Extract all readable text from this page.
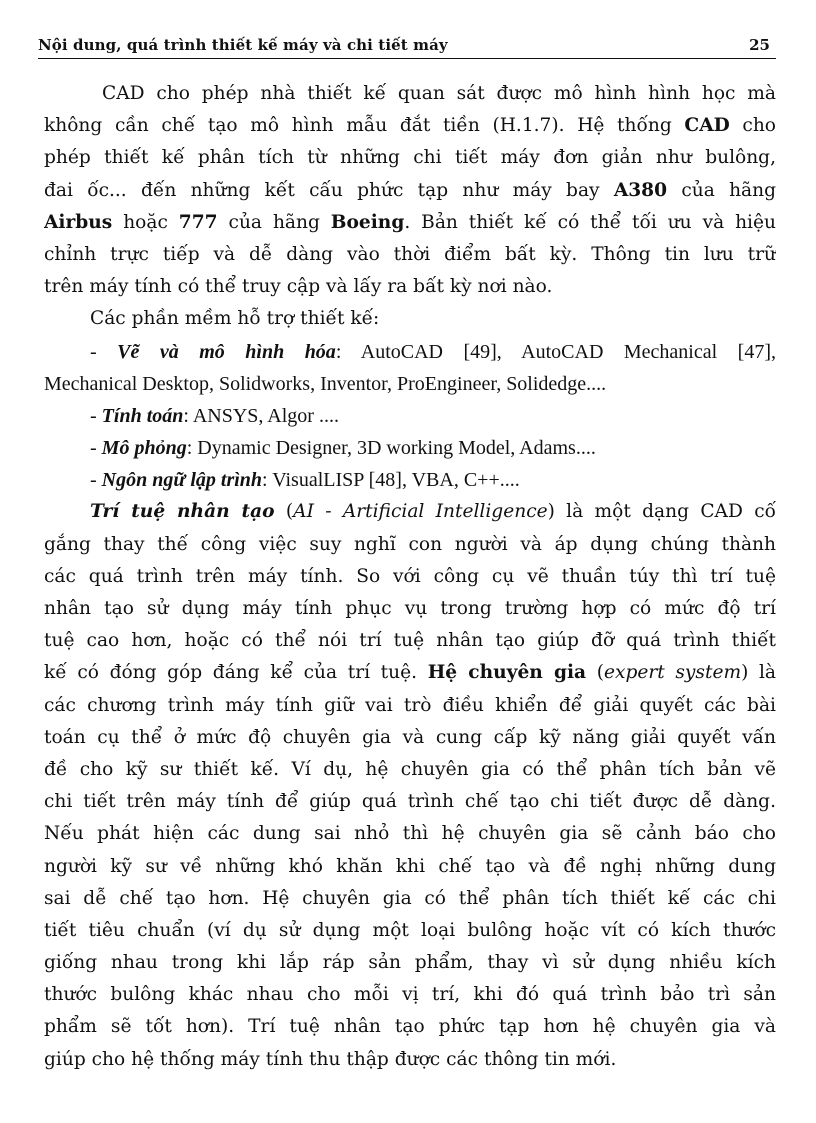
Nội dung, quá trình thiết kế máy và chi tiết máy	25
CAD cho phép nhà thiết kế quan sát được mô hình hình học mà
không cần chế tạo mô hình mẫu đắt tiền (H.1.7). Hệ thống CAD cho
phép thiết kế phân tích từ những chi tiết máy đơn giản như bulông,
đai ốc... đến những kết cấu phức tạp như máy bay A380 của hãng
Airbus hoặc 777 của hãng Boeing. Bản thiết kế có thể tối ưu và hiệu
chỉnh trực tiếp và dễ dàng vào thời điểm bất kỳ. Thông tin lưu trữ
trên máy tính có thể truy cập và lấy ra bất kỳ nơi nào.
Các phần mềm hỗ trợ thiết kế:
- Vẽ và mô hình hóa: AutoCAD [49], AutoCAD Mechanical [47],
Mechanical Desktop, Solidworks, Inventor, ProEngineer, Solidedge....
- Tính toán: ANSYS, Algor ....
- Mô phỏng: Dynamic Designer, 3D working Model, Adams....
- Ngôn ngữ lập trình: VisualLISP [48], VBA, C++....
Trí tuệ nhân tạo (AI - Artificial Intelligence) là một dạng CAD cố
gắng thay thế công việc suy nghĩ con người và áp dụng chúng thành
các quá trình trên máy tính. So với công cụ vẽ thuần túy thì trí tuệ
nhân tạo sử dụng máy tính phục vụ trong trường hợp có mức độ trí
tuệ cao hơn, hoặc có thể nói trí tuệ nhân tạo giúp đỡ quá trình thiết
kế có đóng góp đáng kể của trí tuệ. Hệ chuyên gia (expert system) là
các chương trình máy tính giữ vai trò điều khiển để giải quyết các bài
toán cụ thể ở mức độ chuyên gia và cung cấp kỹ năng giải quyết vấn
đề cho kỹ sư thiết kế. Ví dụ, hệ chuyên gia có thể phân tích bản vẽ
chi tiết trên máy tính để giúp quá trình chế tạo chi tiết được dễ dàng.
Nếu phát hiện các dung sai nhỏ thì hệ chuyên gia sẽ cảnh báo cho
người kỹ sư về những khó khăn khi chế tạo và đề nghị những dung
sai dễ chế tạo hơn. Hệ chuyên gia có thể phân tích thiết kế các chi
tiết tiêu chuẩn (ví dụ sử dụng một loại bulông hoặc vít có kích thước
giống nhau trong khi lắp ráp sản phẩm, thay vì sử dụng nhiều kích
thước bulông khác nhau cho mỗi vị trí, khi đó quá trình bảo trì sản
phẩm sẽ tốt hơn). Trí tuệ nhân tạo phức tạp hơn hệ chuyên gia và
giúp cho hệ thống máy tính thu thập được các thông tin mới.
